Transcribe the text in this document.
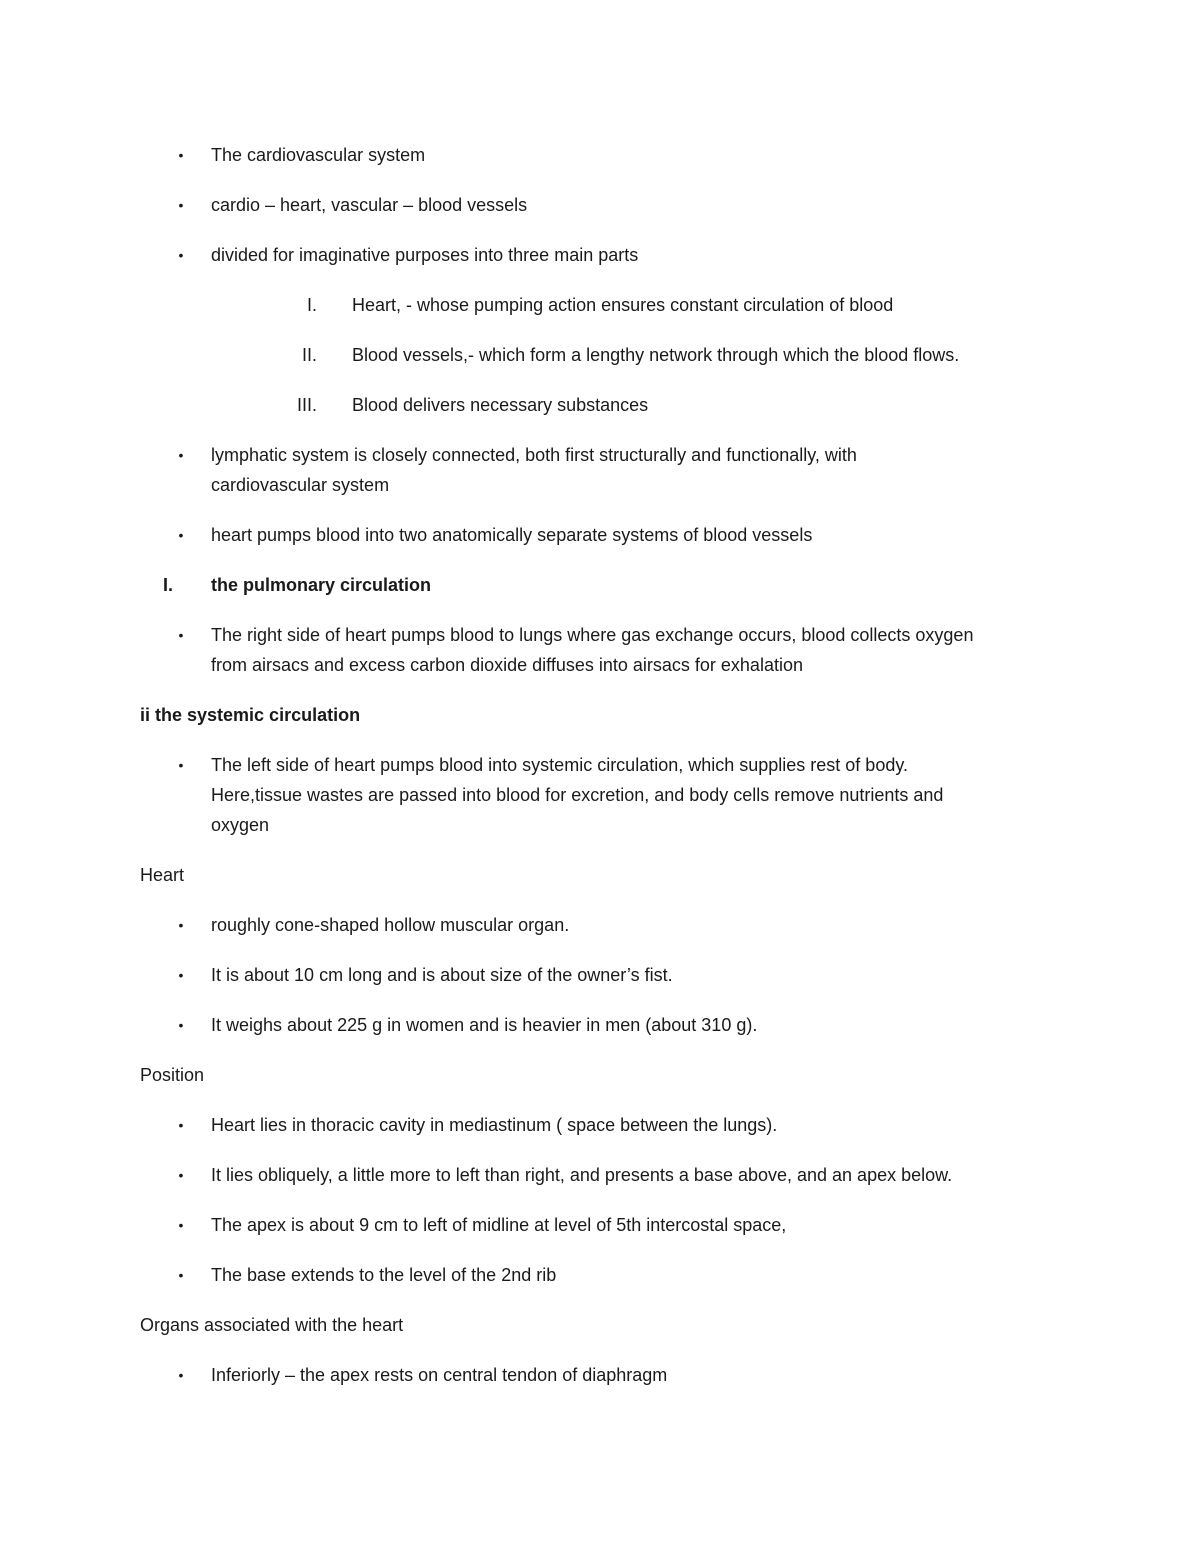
• The cardiovascular system
• cardio – heart, vascular – blood vessels
• divided for imaginative purposes into three main parts
I. Heart, - whose pumping action ensures constant circulation of blood
II. Blood vessels,- which form a lengthy network through which the blood flows.
III. Blood delivers necessary substances
• lymphatic system is closely connected, both first structurally and functionally, with
cardiovascular system
• heart pumps blood into two anatomically separate systems of blood vessels
I. the pulmonary circulation
• The right side of heart pumps blood to lungs where gas exchange occurs, blood collects oxygen
from airsacs and excess carbon dioxide diffuses into airsacs for exhalation
ii the systemic circulation
• The left side of heart pumps blood into systemic circulation, which supplies rest of body.
Here,tissue wastes are passed into blood for excretion, and body cells remove nutrients and
oxygen
Heart
• roughly cone-shaped hollow muscular organ.
• It is about 10 cm long and is about size of the owner’s fist.
• It weighs about 225 g in women and is heavier in men (about 310 g).
Position
• Heart lies in thoracic cavity in mediastinum ( space between the lungs).
• It lies obliquely, a little more to left than right, and presents a base above, and an apex below.
• The apex is about 9 cm to left of midline at level of 5th intercostal space,
• The base extends to the level of the 2nd rib
Organs associated with the heart
• Inferiorly – the apex rests on central tendon of diaphragm
